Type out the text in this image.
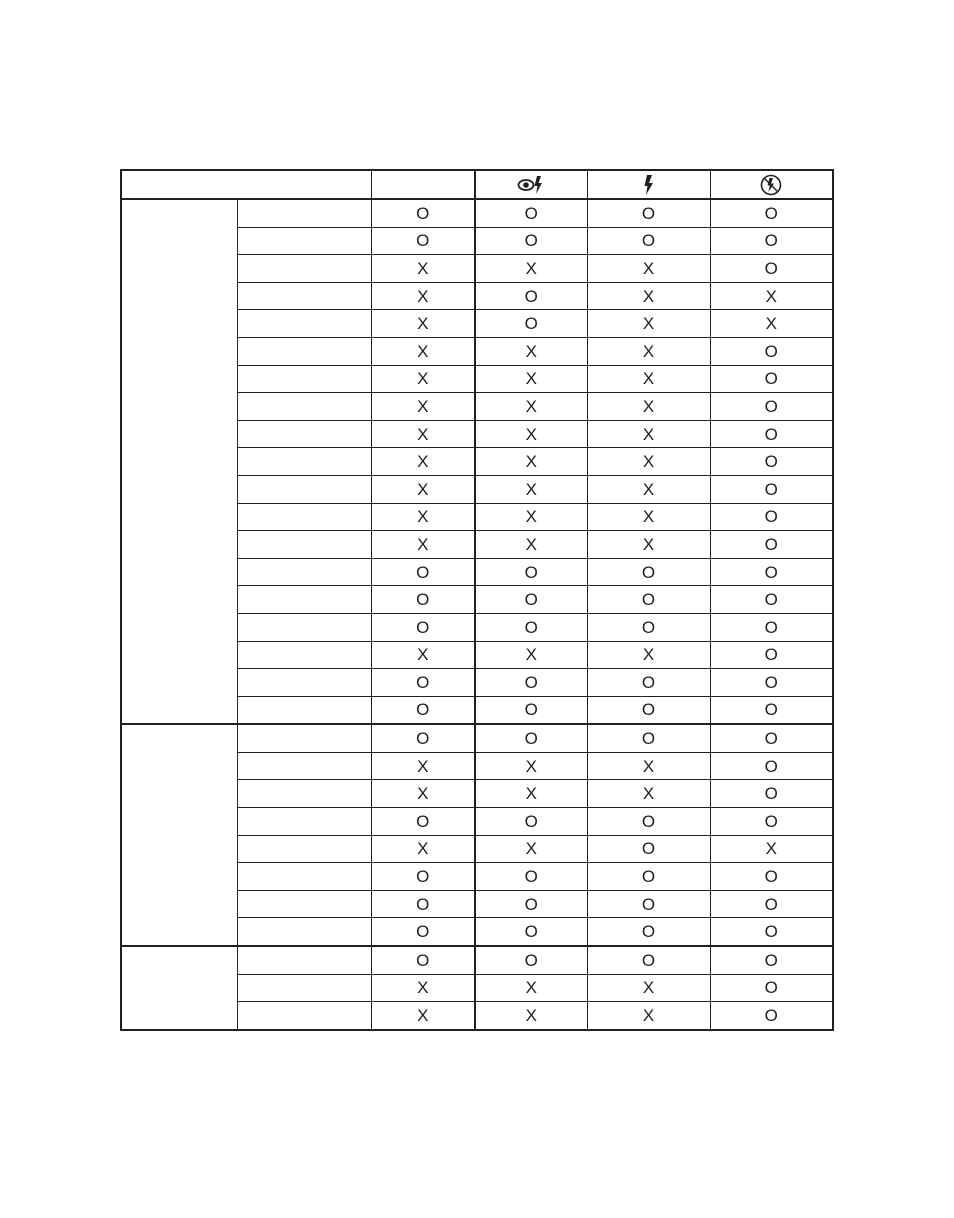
		O	O	O	O
		O	O	O	O
		X	X	X	O
		X	O	X	X
		X	O	X	X
		X	X	X	O
		X	X	X	O
		X	X	X	O
		X	X	X	O
		X	X	X	O
		X	X	X	O
		X	X	X	O
		X	X	X	O
		O	O	O	O
		O	O	O	O
		O	O	O	O
		X	X	X	O
		O	O	O	O
		O	O	O	O
		O	O	O	O
		X	X	X	O
		X	X	X	O
		O	O	O	O
		X	X	O	X
		O	O	O	O
		O	O	O	O
		O	O	O	O
		O	O	O	O
		X	X	X	O
		X	X	X	O
